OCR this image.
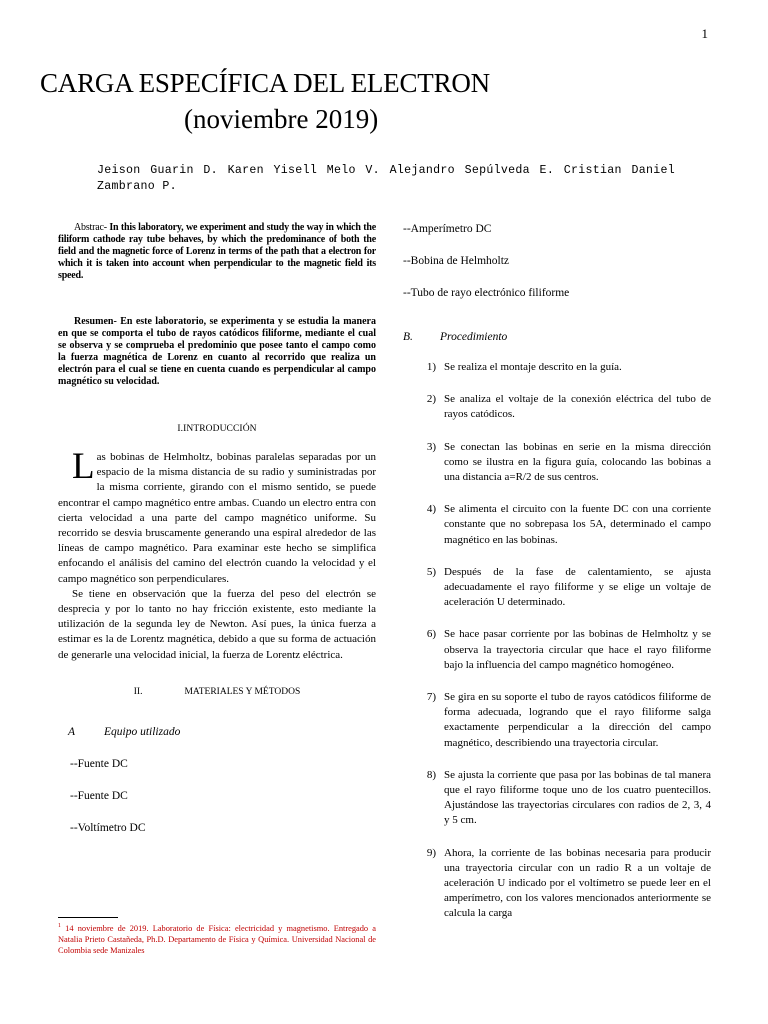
1
CARGA ESPECÍFICA DEL ELECTRON
(noviembre 2019)
Jeison Guarin D. Karen Yisell Melo V. Alejandro Sepúlveda E. Cristian Daniel Zambrano P.

Abstrac- In this laboratory, we experiment and study the way in which the filiform cathode ray tube behaves, by which the predominance of both the field and the magnetic force of Lorenz in terms of the path that a electron for which it is taken into account when perpendicular to the magnetic field its speed.

Resumen- En este laboratorio, se experimenta y se estudia la manera en que se comporta el tubo de rayos catódicos filiforme, mediante el cual se observa y se comprueba el predominio que posee tanto el campo como la fuerza magnética de Lorenz en cuanto al recorrido que realiza un electrón para el cual se tiene en cuenta cuando es perpendicular al campo magnético su velocidad.

I.INTRODUCCIÓN

Las bobinas de Helmholtz, bobinas paralelas separadas por un espacio de la misma distancia de su radio y suministradas por la misma corriente, girando con el mismo sentido, se puede encontrar el campo magnético entre ambas. Cuando un electro entra con cierta velocidad a una parte del campo magnético uniforme. Su recorrido se desvia bruscamente generando una espiral alrededor de las líneas de campo magnético. Para examinar este hecho se simplifica enfocando el análisis del camino del electrón cuando la velocidad y el campo magnético son perpendiculares.

Se tiene en observación que la fuerza del peso del electrón se desprecia y por lo tanto no hay fricción existente, esto mediante la utilización de la segunda ley de Newton. Así pues, la única fuerza a estimar es la de Lorentz magnética, debido a que su forma de actuación de generarle una velocidad inicial, la fuerza de Lorentz eléctrica.

II.	MATERIALES Y MÉTODOS
A	Equipo utilizado
--Fuente DC
--Fuente DC
--Voltímetro DC
$^1$ 14 noviembre de 2019. Laboratorio de Física: electricidad y magnetismo. Entregado a Natalia Prieto Castañeda, Ph.D. Departamento de Física y Química. Universidad Nacional de Colombia sede Manizales
--Amperímetro DC
--Bobina de Helmholtz
--Tubo de rayo electrónico filiforme
B. Procedimiento
1) Se realiza el montaje descrito en la guía.
2) Se analiza el voltaje de la conexión eléctrica del tubo de rayos catódicos.
3) Se conectan las bobinas en serie en la misma dirección como se ilustra en la figura guía, colocando las bobinas a una distancia a=R/2 de sus centros.
4) Se alimenta el circuito con la fuente DC con una corriente constante que no sobrepasa los 5A, determinado el campo magnético en las bobinas.
5) Después de la fase de calentamiento, se ajusta adecuadamente el rayo filiforme y se elige un voltaje de aceleración U determinado.
6) Se hace pasar corriente por las bobinas de Helmholtz y se observa la trayectoria circular que hace el rayo filiforme bajo la influencia del campo magnético homogéneo.
7) Se gira en su soporte el tubo de rayos catódicos filiforme de forma adecuada, logrando que el rayo filiforme salga exactamente perpendicular a la dirección del campo magnético, describiendo una trayectoria circular.
8) Se ajusta la corriente que pasa por las bobinas de tal manera que el rayo filiforme toque uno de los cuatro puentecillos. Ajustándose las trayectorias circulares con radios de 2, 3, 4 y 5 cm.
9) Ahora, la corriente de las bobinas necesaria para producir una trayectoria circular con un radio R a un voltaje de aceleración U indicado por el voltímetro se puede leer en el amperímetro, con los valores mencionados anteriormente se calcula la carga
